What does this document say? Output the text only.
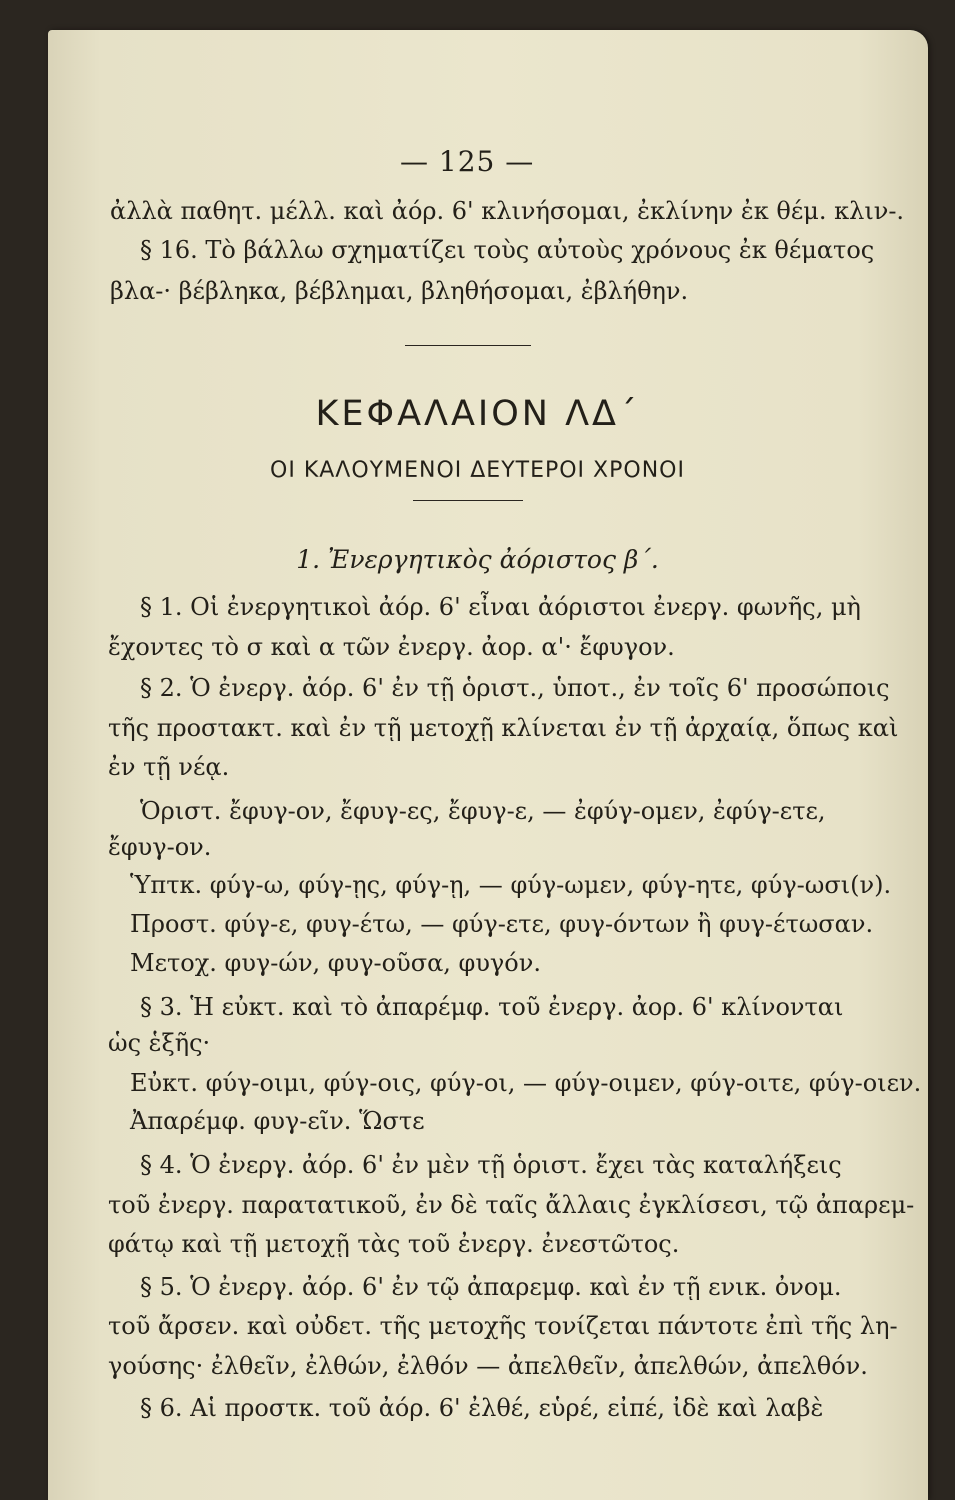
— 125 —
ἀλλὰ παθητ. μέλλ. καὶ ἀόρ. 6' κλινήσομαι, ἐκλίνην ἐκ θέμ. κλιν-.
§ 16. Τὸ βάλλω σχηματίζει τοὺς αὐτοὺς χρόνους ἐκ θέματος
βλα-· βέβληκα, βέβλημαι, βληθήσομαι, ἐβλήθην.
ΚΕΦΑΛΑΙΟΝ ΛΔ΄
ΟΙ ΚΑΛΟΥΜΕΝΟΙ ΔΕΥΤΕΡΟΙ ΧΡΟΝΟΙ
1. Ἐνεργητικὸς ἀόριστος β΄.
§ 1. Οἱ ἐνεργητικοὶ ἀόρ. 6' εἶναι ἀόριστοι ἐνεργ. φωνῆς, μὴ
ἔχοντες τὸ σ καὶ α τῶν ἐνεργ. ἀορ. α'· ἔφυγον.
§ 2. Ὁ ἐνεργ. ἀόρ. 6' ἐν τῇ ὁριστ., ὑποτ., ἐν τοῖς 6' προσώποις
τῆς προστακτ. καὶ ἐν τῇ μετοχῇ κλίνεται ἐν τῇ ἀρχαίᾳ, ὅπως καὶ
ἐν τῇ νέᾳ.
Ὁριστ. ἔφυγ-ον, ἔφυγ-ες, ἔφυγ-ε, — ἐφύγ-ομεν, ἐφύγ-ετε,
ἔφυγ-ον.
Ὑπτκ. φύγ-ω, φύγ-ῃς, φύγ-ῃ, — φύγ-ωμεν, φύγ-ητε, φύγ-ωσι(ν).
Προστ. φύγ-ε, φυγ-έτω, — φύγ-ετε, φυγ-όντων ἢ φυγ-έτωσαν.
Μετοχ. φυγ-ών, φυγ-οῦσα, φυγόν.
§ 3. Ἡ εὐκτ. καὶ τὸ ἀπαρέμφ. τοῦ ἐνεργ. ἀορ. 6' κλίνονται
ὡς ἑξῆς·
Εὐκτ. φύγ-οιμι, φύγ-οις, φύγ-οι, — φύγ-οιμεν, φύγ-οιτε, φύγ-οιεν.
Ἀπαρέμφ. φυγ-εῖν. Ὥστε
§ 4. Ὁ ἐνεργ. ἀόρ. 6' ἐν μὲν τῇ ὁριστ. ἔχει τὰς καταλήξεις
τοῦ ἐνεργ. παρατατικοῦ, ἐν δὲ ταῖς ἄλλαις ἐγκλίσεσι, τῷ ἀπαρεμ-
φάτῳ καὶ τῇ μετοχῇ τὰς τοῦ ἐνεργ. ἐνεστῶτος.
§ 5. Ὁ ἐνεργ. ἀόρ. 6' ἐν τῷ ἀπαρεμφ. καὶ ἐν τῇ ενικ. ὀνομ.
τοῦ ἄρσεν. καὶ οὐδετ. τῆς μετοχῆς τονίζεται πάντοτε ἐπὶ τῆς λη-
γούσης· ἐλθεῖν, ἐλθών, ἐλθόν — ἀπελθεῖν, ἀπελθών, ἀπελθόν.
§ 6. Αἱ προστκ. τοῦ ἀόρ. 6' ἐλθέ, εὑρέ, εἰπέ, ἰδὲ καὶ λαβὲ
